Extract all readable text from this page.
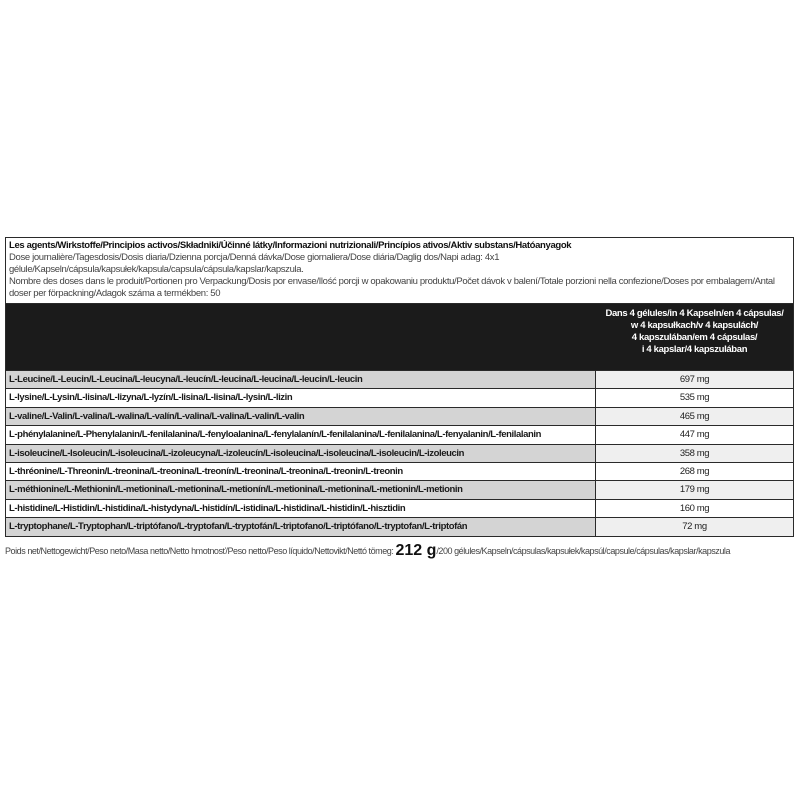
Les agents/Wirkstoffe/Principios activos/Składniki/Účinné látky/Informazioni nutrizionali/Princípios ativos/Aktiv substans/Hatóanyagok
Dose journalière/Tagesdosis/Dosis diaria/Dzienna porcja/Denná dávka/Dose giornaliera/Dose diária/Daglig dos/Napi adag: 4x1 gélule/Kapseln/cápsula/kapsułek/kapsula/capsula/cápsula/kapslar/kapszula.
Nombre des doses dans le produit/Portionen pro Verpackung/Dosis por envase/Ilość porcji w opakowaniu produktu/Počet dávok v balení/Totale porzioni nella confezione/Doses por embalagem/Antal doser per förpackning/Adagok száma a termékben: 50
Dans 4 gélules/in 4 Kapseln/en 4 cápsulas/
w 4 kapsułkach/v 4 kapsulách/
4 kapszulában/em 4 cápsulas/
i 4 kapslar/4 kapszulában
L-Leucine/L-Leucin/L-Leucina/L-leucyna/L-leucín/L-leucina/L-leucina/L-leucin/L-leucin	697 mg
L-lysine/L-Lysin/L-lisina/L-lizyna/L-lyzín/L-lisina/L-lisina/L-lysin/L-lizin	535 mg
L-valine/L-Valin/L-valina/L-walina/L-valín/L-valina/L-valina/L-valin/L-valin	465 mg
L-phénylalanine/L-Phenylalanin/L-fenilalanina/L-fenyloalanina/L-fenylalanín/L-fenilalanina/L-fenilalanina/L-fenyalanin/L-fenilalanin	447 mg
L-isoleucine/L-Isoleucin/L-isoleucina/L-izoleucyna/L-izoleucín/L-isoleucina/L-isoleucina/L-isoleucin/L-izoleucin	358 mg
L-thréonine/L-Threonin/L-treonina/L-treonina/L-treonín/L-treonina/L-treonina/L-treonin/L-treonin	268 mg
L-méthionine/L-Methionin/L-metionina/L-metionina/L-metionín/L-metionina/L-metionina/L-metionin/L-metionin	179 mg
L-histidine/L-Histidin/L-histidina/L-histydyna/L-histidín/L-istidina/L-histidina/L-histidin/L-hisztidin	160 mg
L-tryptophane/L-Tryptophan/L-triptófano/L-tryptofan/L-tryptofán/L-triptofano/L-triptófano/L-tryptofan/L-triptofán	72 mg
Poids net/Nettogewicht/Peso neto/Masa netto/Netto hmotnosť/Peso netto/Peso líquido/Nettovikt/Nettó tömeg: 212 g/200 gélules/Kapseln/cápsulas/kapsułek/kapsúl/capsule/cápsulas/kapslar/kapszula
